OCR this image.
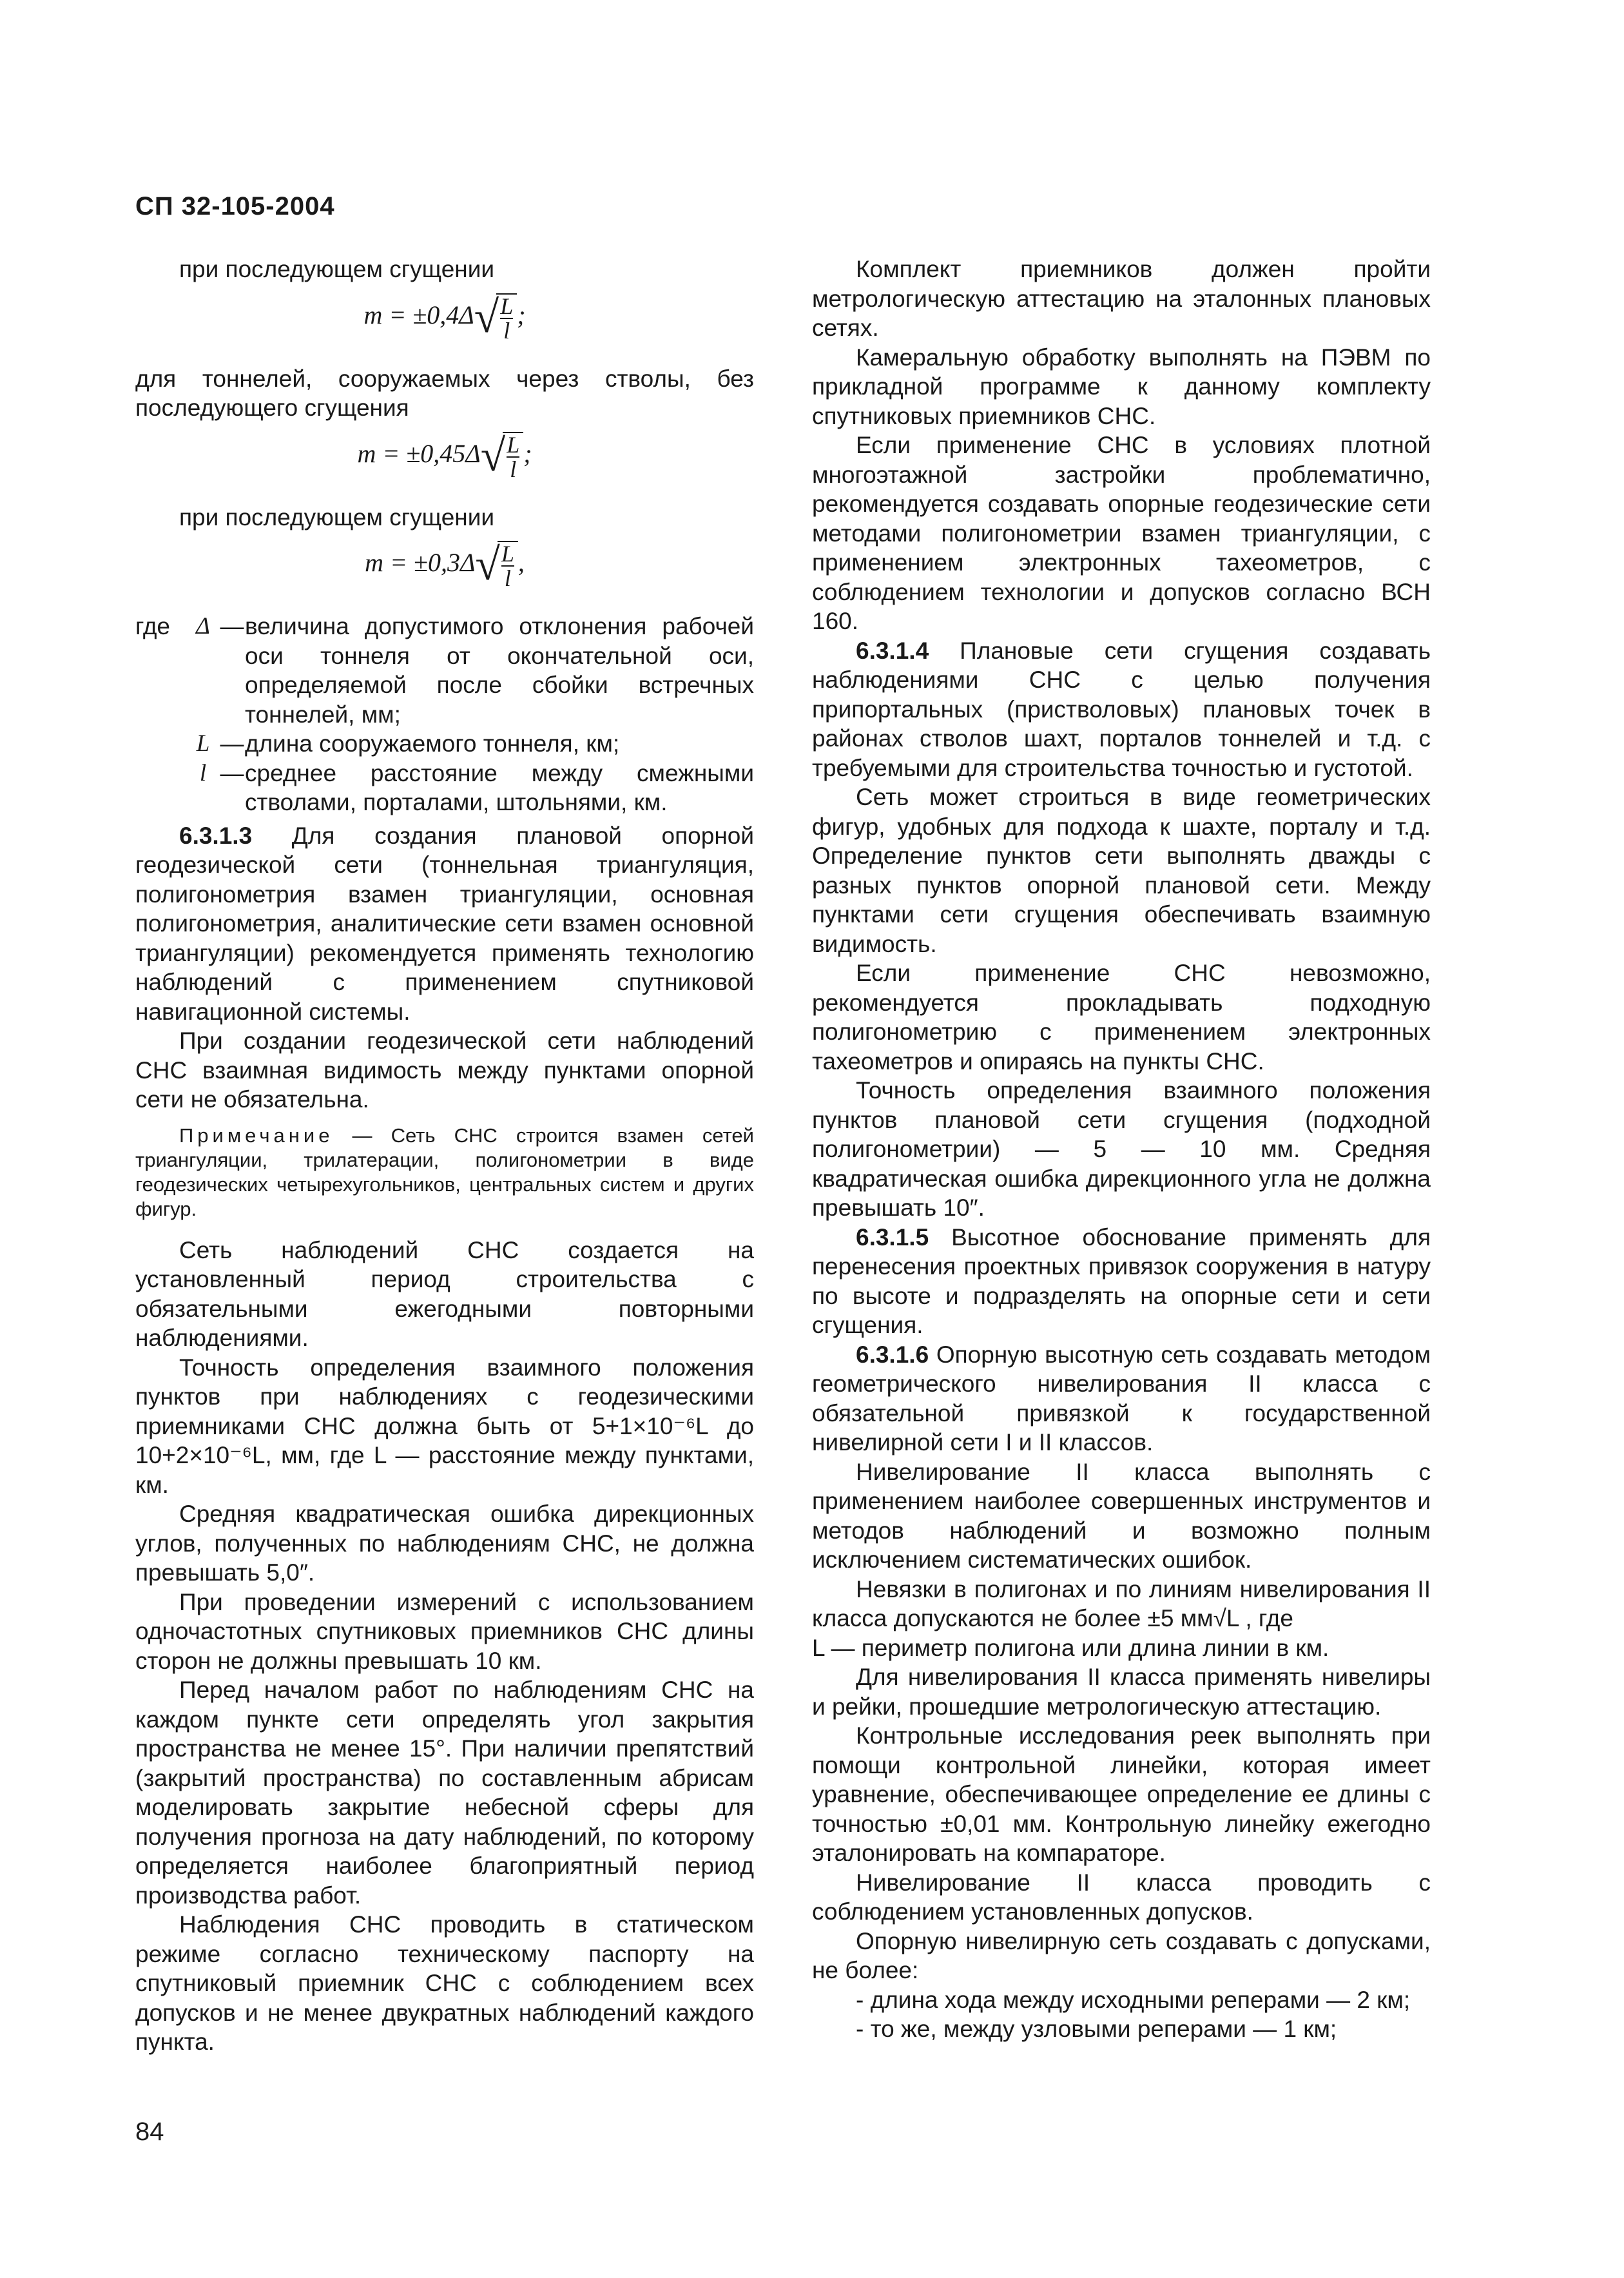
СП 32-105-2004

при последующем сгущении

m = ±0,4Δ√
$\frac{L}{l}$ ;

для тоннелей, сооружаемых через стволы, без последующего сгущения

m = ±0,45Δ√
$\frac{L}{l}$ ;

при последующем сгущении

m = ±0,3Δ√
$\frac{L}{l}$ ,
где	Δ — величина допустимого отклонения рабочей оси тоннеля от окончательной оси, определяемой после сбойки встречных тоннелей, мм;
L — длина сооружаемого тоннеля, км;
l — среднее расстояние между смежными стволами, порталами, штольнями, км.

6.3.1.3 Для создания плановой опорной геодезической сети (тоннельная триангуляция, полигонометрия взамен триангуляции, основная полигонометрия, аналитические сети взамен основной триангуляции) рекомендуется применять технологию наблюдений с применением спутниковой навигационной системы.

При создании геодезической сети наблюдений СНС взаимная видимость между пунктами опорной сети не обязательна.

Примечание — Сеть СНС строится взамен сетей триангуляции, трилатерации, полигонометрии в виде геодезических четырехугольников, центральных систем и других фигур.

Сеть наблюдений СНС создается на установленный период строительства с обязательными ежегодными повторными наблюдениями.

Точность определения взаимного положения пунктов при наблюдениях с геодезическими приемниками СНС должна быть от 5+1×10⁻⁶L до 10+2×10⁻⁶L, мм, где L — расстояние между пунктами, км.

Средняя квадратическая ошибка дирекционных углов, полученных по наблюдениям СНС, не должна превышать 5,0″.

При проведении измерений с использованием одночастотных спутниковых приемников СНС длины сторон не должны превышать 10 км.

Перед началом работ по наблюдениям СНС на каждом пункте сети определять угол закрытия пространства не менее 15°. При наличии препятствий (закрытий пространства) по составленным абрисам моделировать закрытие небесной сферы для получения прогноза на дату наблюдений, по которому определяется наиболее благоприятный период производства работ.

Наблюдения СНС проводить в статическом режиме согласно техническому паспорту на спутниковый приемник СНС с соблюдением всех допусков и не менее двукратных наблюдений каждого пункта.

Комплект приемников должен пройти метрологическую аттестацию на эталонных плановых сетях.

Камеральную обработку выполнять на ПЭВМ по прикладной программе к данному комплекту спутниковых приемников СНС.

Если применение СНС в условиях плотной многоэтажной застройки проблематично, рекомендуется создавать опорные геодезические сети методами полигонометрии взамен триангуляции, с применением электронных тахеометров, с соблюдением технологии и допусков согласно ВСН 160.

6.3.1.4 Плановые сети сгущения создавать наблюдениями СНС с целью получения припортальных (пристволовых) плановых точек в районах стволов шахт, порталов тоннелей и т.д. с требуемыми для строительства точностью и густотой.

Сеть может строиться в виде геометрических фигур, удобных для подхода к шахте, порталу и т.д. Определение пунктов сети выполнять дважды с разных пунктов опорной плановой сети. Между пунктами сети сгущения обеспечивать взаимную видимость.

Если применение СНС невозможно, рекомендуется прокладывать подходную полигонометрию с применением электронных тахеометров и опираясь на пункты СНС.

Точность определения взаимного положения пунктов плановой сети сгущения (подходной полигонометрии) — 5 — 10 мм. Средняя квадратическая ошибка дирекционного угла не должна превышать 10″.

6.3.1.5 Высотное обоснование применять для перенесения проектных привязок сооружения в натуру по высоте и подразделять на опорные сети и сети сгущения.

6.3.1.6 Опорную высотную сеть создавать методом геометрического нивелирования II класса с обязательной привязкой к государственной нивелирной сети I и II классов.

Нивелирование II класса выполнять с применением наиболее совершенных инструментов и методов наблюдений и возможно полным исключением систематических ошибок.

Невязки в полигонах и по линиям нивелирования II класса допускаются не более ±5 мм√L , где

L — периметр полигона или длина линии в км.

Для нивелирования II класса применять нивелиры и рейки, прошедшие метрологическую аттестацию.

Контрольные исследования реек выполнять при помощи контрольной линейки, которая имеет уравнение, обеспечивающее определение ее длины с точностью ±0,01 мм. Контрольную линейку ежегодно эталонировать на компараторе.

Нивелирование II класса проводить с соблюдением установленных допусков.

Опорную нивелирную сеть создавать с допусками, не более:

- длина хода между исходными реперами — 2 км;

- то же, между узловыми реперами — 1 км;

84
